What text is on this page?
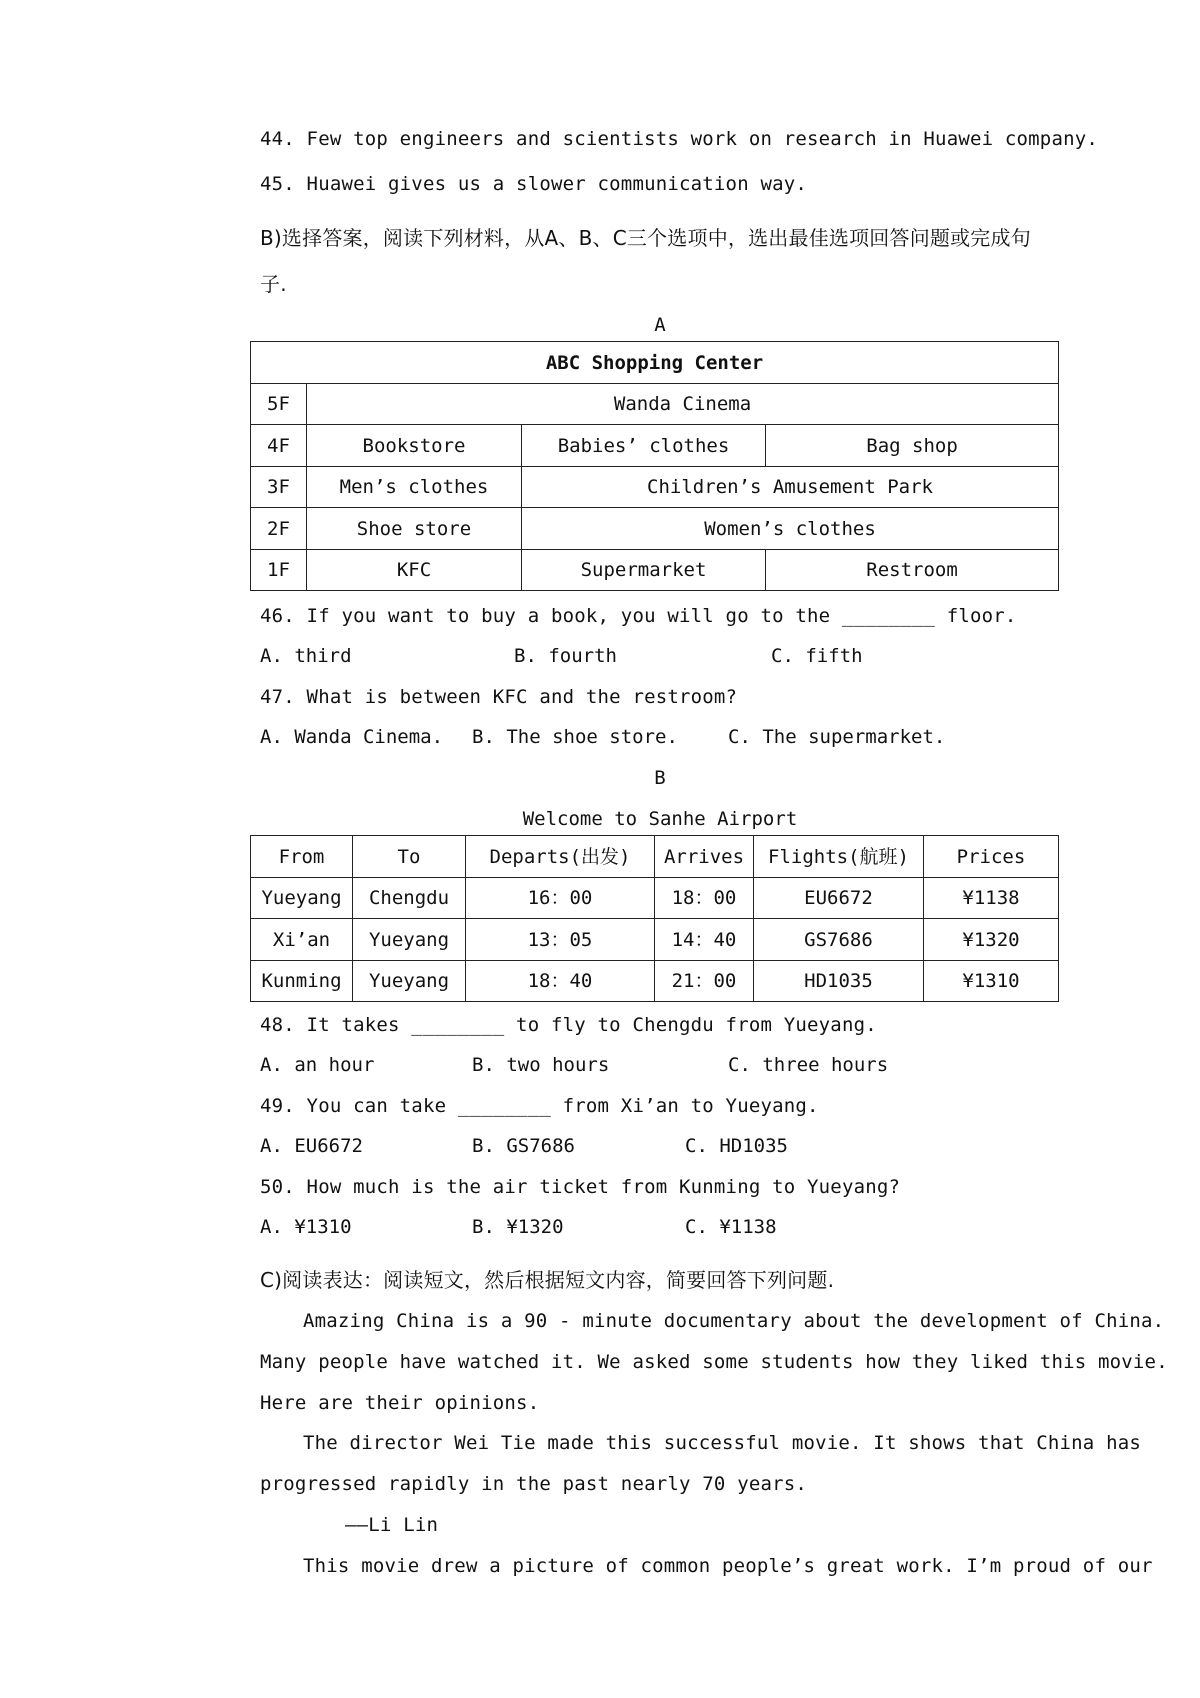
44. Few top engineers and scientists work on research in Huawei company.
45. Huawei gives us a slower communication way.
B)选择答案，阅读下列材料，从A、B、C三个选项中，选出最佳选项回答问题或完成句
子.
A
ABC Shopping Center			
5F	Wanda Cinema		
4F	Bookstore	Babies’ clothes	Bag shop
3F	Men’s clothes	Children’s Amusement Park	
2F	Shoe store	Women’s clothes	
1F	KFC	Supermarket	Restroom
46. If you want to buy a book, you will go to the ________ floor.
A. third	B. fourth	C. fifth
47. What is between KFC and the restroom?
A. Wanda Cinema. B. The shoe store.	C. The supermarket.
B
Welcome to Sanhe Airport
From	To	Departs(出发)	Arrives	Flights(航班)	Prices
Yueyang	Chengdu	16：00	18：00	EU6672	¥1138
Xi’an	Yueyang	13：05	14：40	GS7686	¥1320
Kunming	Yueyang	18：40	21：00	HD1035	¥1310
48. It takes ________ to fly to Chengdu from Yueyang.
A. an hour	B. two hours	C. three hours
49. You can take ________ from Xi’an to Yueyang.
A. EU6672	B. GS7686	C. HD1035
50. How much is the air ticket from Kunming to Yueyang?
A. ¥1310	B. ¥1320	C. ¥1138
C)阅读表达：阅读短文，然后根据短文内容，简要回答下列问题.
Amazing China is a 90 - minute documentary about the development of China.
Many people have watched it. We asked some students how they liked this movie.
Here are their opinions.
The director Wei Tie made this successful movie. It shows that China has
progressed rapidly in the past nearly 70 years.
——Li Lin
This movie drew a picture of common people’s great work. I’m proud of our
